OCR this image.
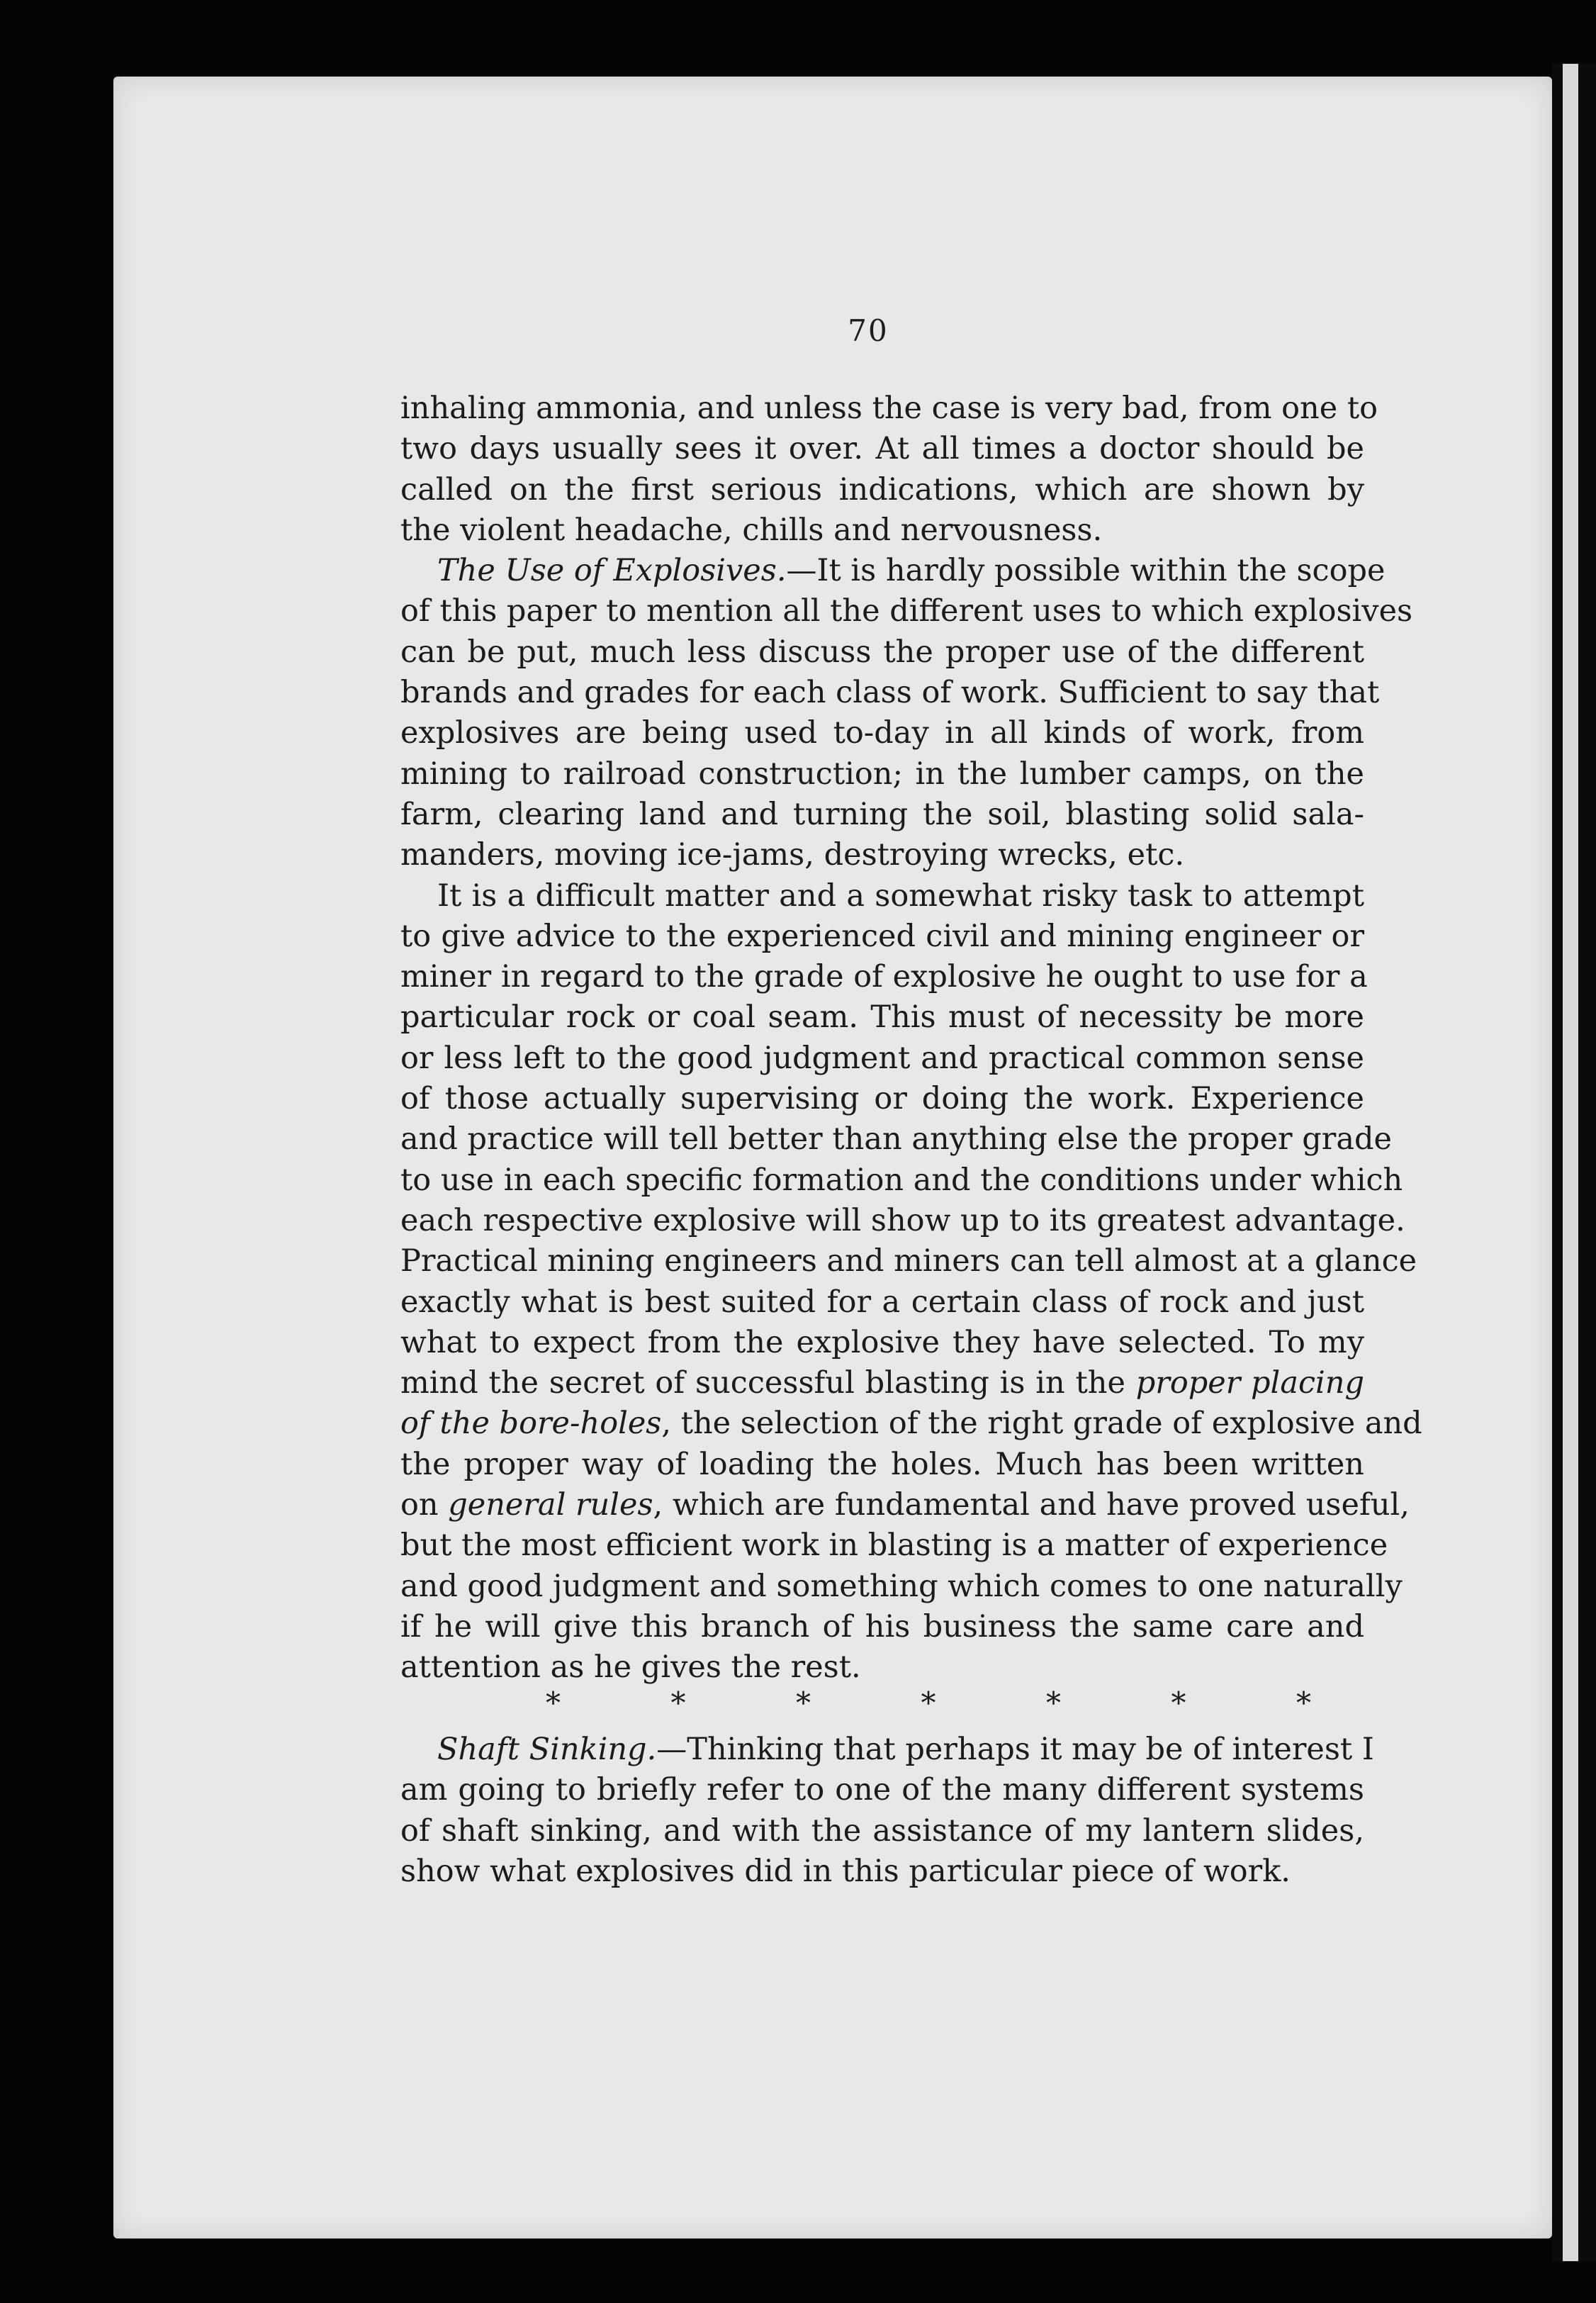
70
inhaling ammonia, and unless the case is very bad, from one to
two days usually sees it over. At all times a doctor should be
called on the first serious indications, which are shown by
the violent headache, chills and nervousness.
The Use of Explosives.—It is hardly possible within the scope
of this paper to mention all the different uses to which explosives
can be put, much less discuss the proper use of the different
brands and grades for each class of work. Sufficient to say that
explosives are being used to-day in all kinds of work, from
mining to railroad construction; in the lumber camps, on the
farm, clearing land and turning the soil, blasting solid sala-
manders, moving ice-jams, destroying wrecks, etc.
It is a difficult matter and a somewhat risky task to attempt
to give advice to the experienced civil and mining engineer or
miner in regard to the grade of explosive he ought to use for a
particular rock or coal seam. This must of necessity be more
or less left to the good judgment and practical common sense
of those actually supervising or doing the work. Experience
and practice will tell better than anything else the proper grade
to use in each specific formation and the conditions under which
each respective explosive will show up to its greatest advantage.
Practical mining engineers and miners can tell almost at a glance
exactly what is best suited for a certain class of rock and just
what to expect from the explosive they have selected. To my
mind the secret of successful blasting is in the proper placing
of the bore-holes, the selection of the right grade of explosive and
the proper way of loading the holes. Much has been written
on general rules, which are fundamental and have proved useful,
but the most efficient work in blasting is a matter of experience
and good judgment and something which comes to one naturally
if he will give this branch of his business the same care and
attention as he gives the rest.
*	*	*	*	*	*	*
Shaft Sinking.—Thinking that perhaps it may be of interest I
am going to briefly refer to one of the many different systems
of shaft sinking, and with the assistance of my lantern slides,
show what explosives did in this particular piece of work.
